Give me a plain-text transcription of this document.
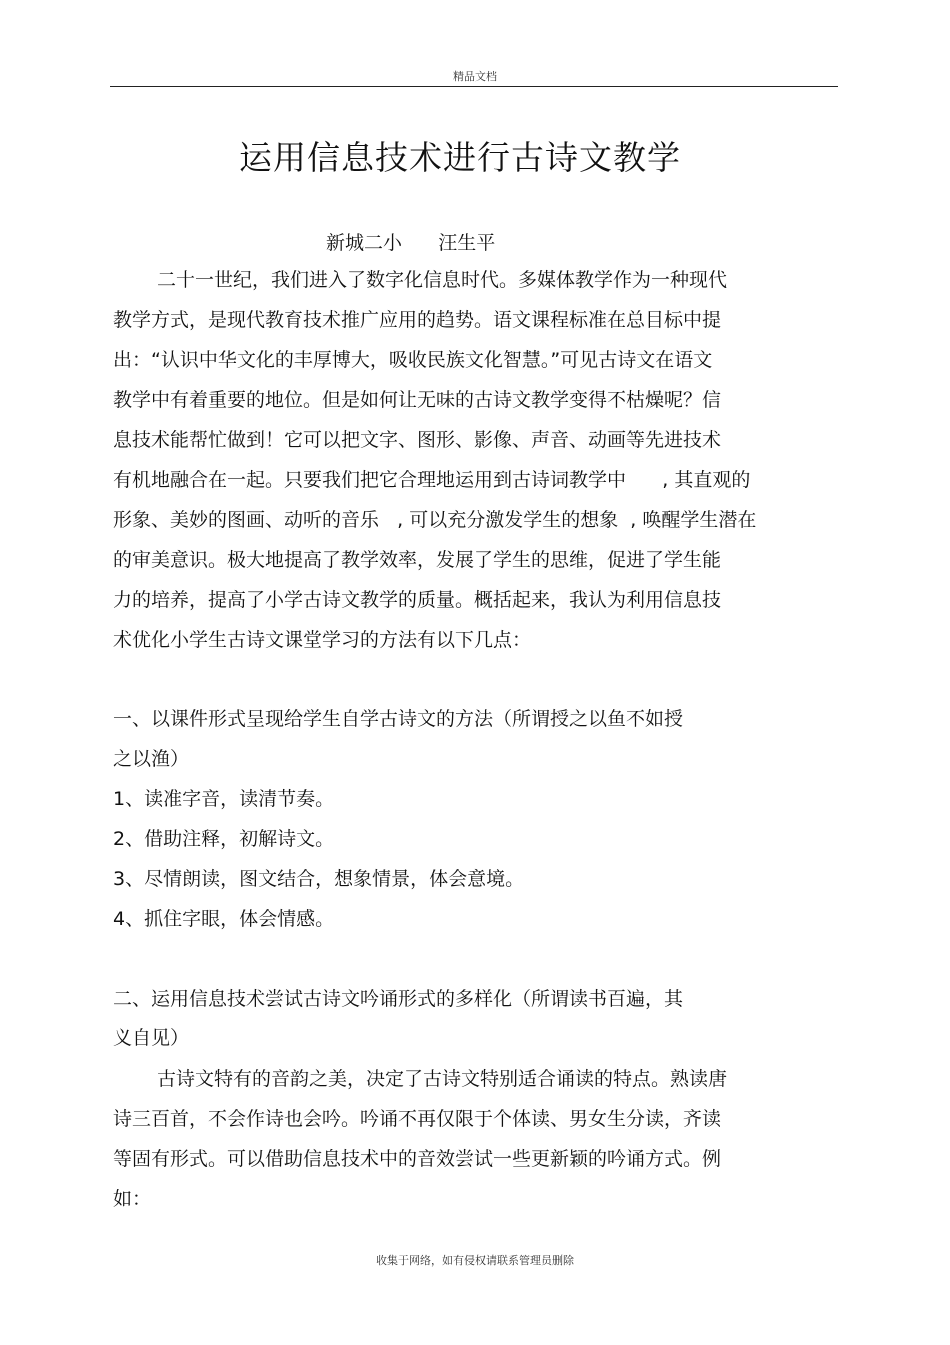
精品文档
运用信息技术进行古诗文教学
新城二小      汪生平
二十一世纪，我们进入了数字化信息时代。多媒体教学作为一种现代
教学方式，是现代教育技术推广应用的趋势。语文课程标准在总目标中提
出：“认识中华文化的丰厚博大，吸收民族文化智慧。”可见古诗文在语文
教学中有着重要的地位。但是如何让无味的古诗文教学变得不枯燥呢？信
息技术能帮忙做到！它可以把文字、图形、影像、声音、动画等先进技术
有机地融合在一起。只要我们把它合理地运用到古诗词教学中      , 其直观的
形象、美妙的图画、动听的音乐   , 可以充分激发学生的想象  , 唤醒学生潜在
的审美意识。极大地提高了教学效率，发展了学生的思维，促进了学生能
力的培养，提高了小学古诗文教学的质量。概括起来，我认为利用信息技
术优化小学生古诗文课堂学习的方法有以下几点：
一、以课件形式呈现给学生自学古诗文的方法（所谓授之以鱼不如授
之以渔）
1、读准字音，读清节奏。
2、借助注释，初解诗文。
3、尽情朗读，图文结合，想象情景，体会意境。
4、抓住字眼，体会情感。
二、运用信息技术尝试古诗文吟诵形式的多样化（所谓读书百遍，其
义自见）
古诗文特有的音韵之美，决定了古诗文特别适合诵读的特点。熟读唐
诗三百首，不会作诗也会吟。吟诵不再仅限于个体读、男女生分读，齐读
等固有形式。可以借助信息技术中的音效尝试一些更新颖的吟诵方式。例
如：
收集于网络，如有侵权请联系管理员删除
